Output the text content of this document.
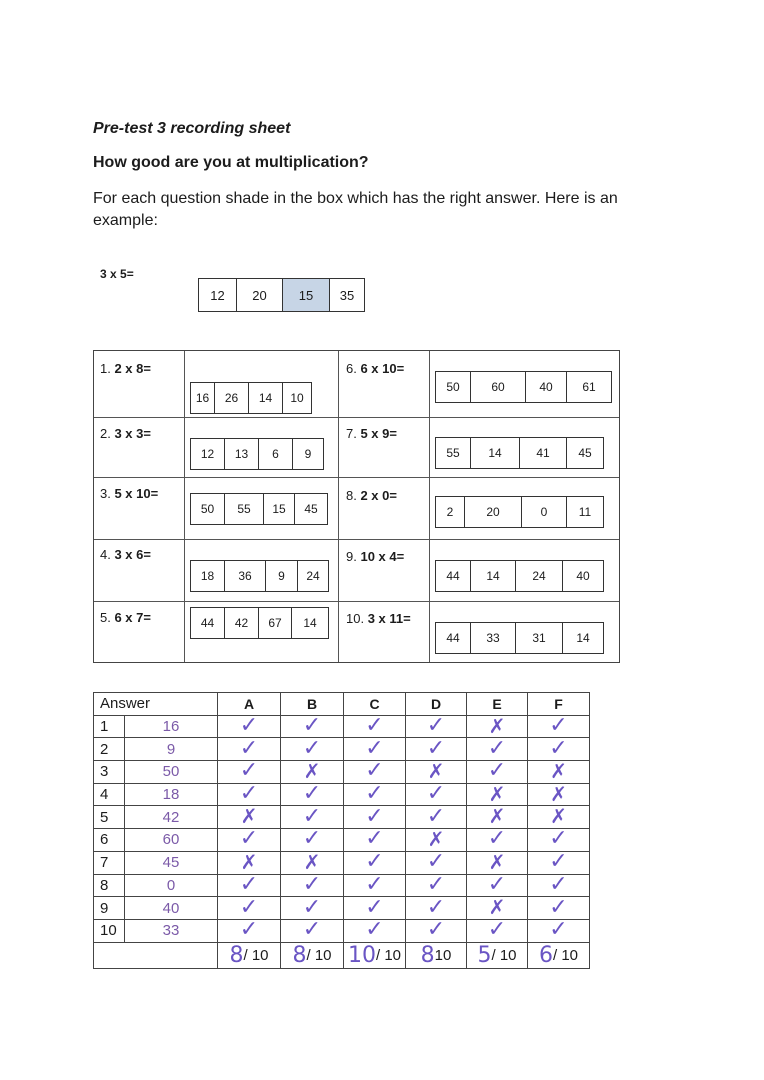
Pre-test 3 recording sheet
How good are you at multiplication?
For each question shade in the box which has the right answer. Here is an example:
3 x 5=
12	20	15	35
1. 2 x 8=
16	26	14	10
2. 3 x 3=
12	13	6	9
3. 5 x 10=
50	55	15	45
4. 3 x 6=
18	36	9	24
5. 6 x 7=	44	42	67	14
6. 6 x 10=
50	60	40	61
7. 5 x 9=
55	14	41	45
8. 2 x 0=
2	20	0	11
9. 10 x 4=
44	14	24	40
10. 3 x 11=
44	33	31	14
Answer		A	B	C	D	E	F
1	16	✓	✓	✓	✓	✗	✓
2	9	✓	✓	✓	✓	✓	✓
3	50	✓	✗	✓	✗	✓	✗
4	18	✓	✓	✓	✓	✗	✗
5	42	✗	✓	✓	✓	✗	✗
6	60	✓	✓	✓	✗	✓	✓
7	45	✗	✗	✓	✓	✗	✓
8	0	✓	✓	✓	✓	✓	✓
9	40	✓	✓	✓	✓	✗	✓
10	33	✓	✓	✓	✓	✓	✓
		8/ 10	8/ 10	10/ 10	810	5/ 10	6/ 10
